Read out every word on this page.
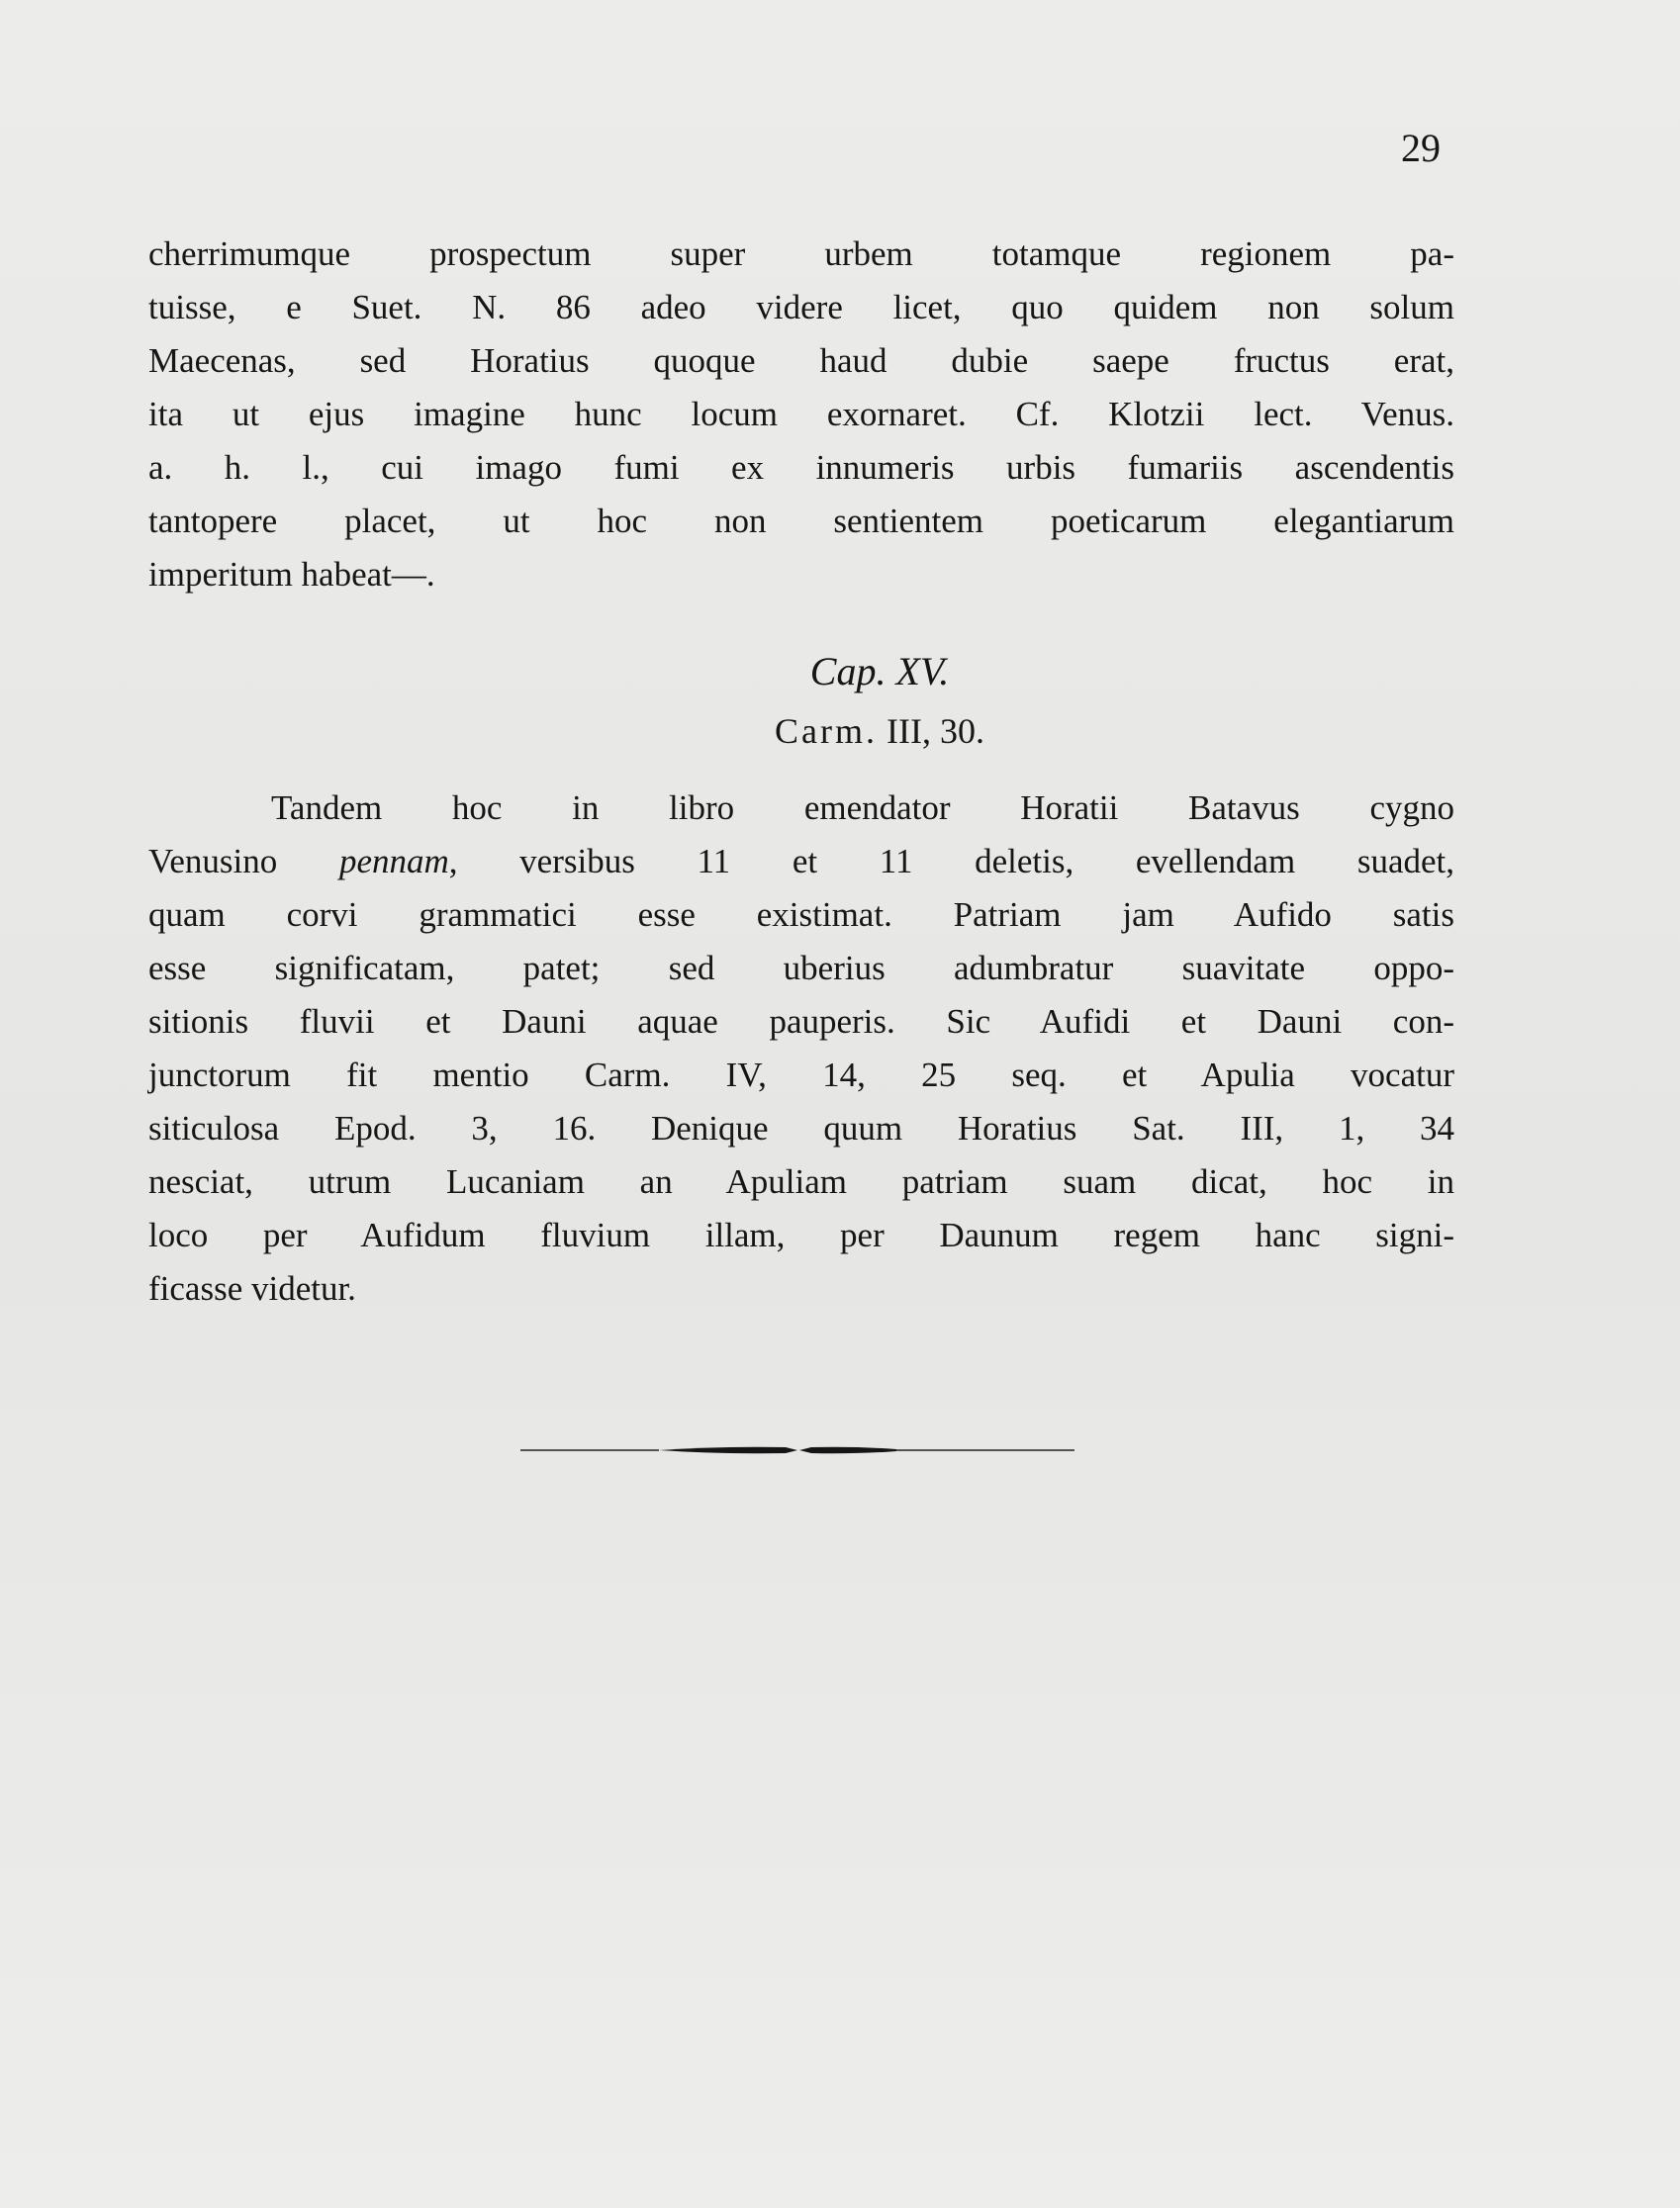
29
cherrimumque prospectum super urbem totamque regionem pa-
tuisse, e Suet. N. 86 adeo videre licet, quo quidem non solum
Maecenas, sed Horatius quoque haud dubie saepe fructus erat,
ita ut ejus imagine hunc locum exornaret. Cf. Klotzii lect. Venus.
a. h. l., cui imago fumi ex innumeris urbis fumariis ascendentis
tantopere placet, ut hoc non sentientem poeticarum elegantiarum
imperitum habeat—.
Cap. XV.
Carm. III, 30.
Tandem hoc in libro emendator Horatii Batavus cygno
Venusino pennam, versibus 11 et 11 deletis, evellendam suadet,
quam corvi grammatici esse existimat. Patriam jam Aufido satis
esse significatam, patet; sed uberius adumbratur suavitate oppo-
sitionis fluvii et Dauni aquae pauperis. Sic Aufidi et Dauni con-
junctorum fit mentio Carm. IV, 14, 25 seq. et Apulia vocatur
siticulosa Epod. 3, 16. Denique quum Horatius Sat. III, 1, 34
nesciat, utrum Lucaniam an Apuliam patriam suam dicat, hoc in
loco per Aufidum fluvium illam, per Daunum regem hanc signi-
ficasse videtur.
